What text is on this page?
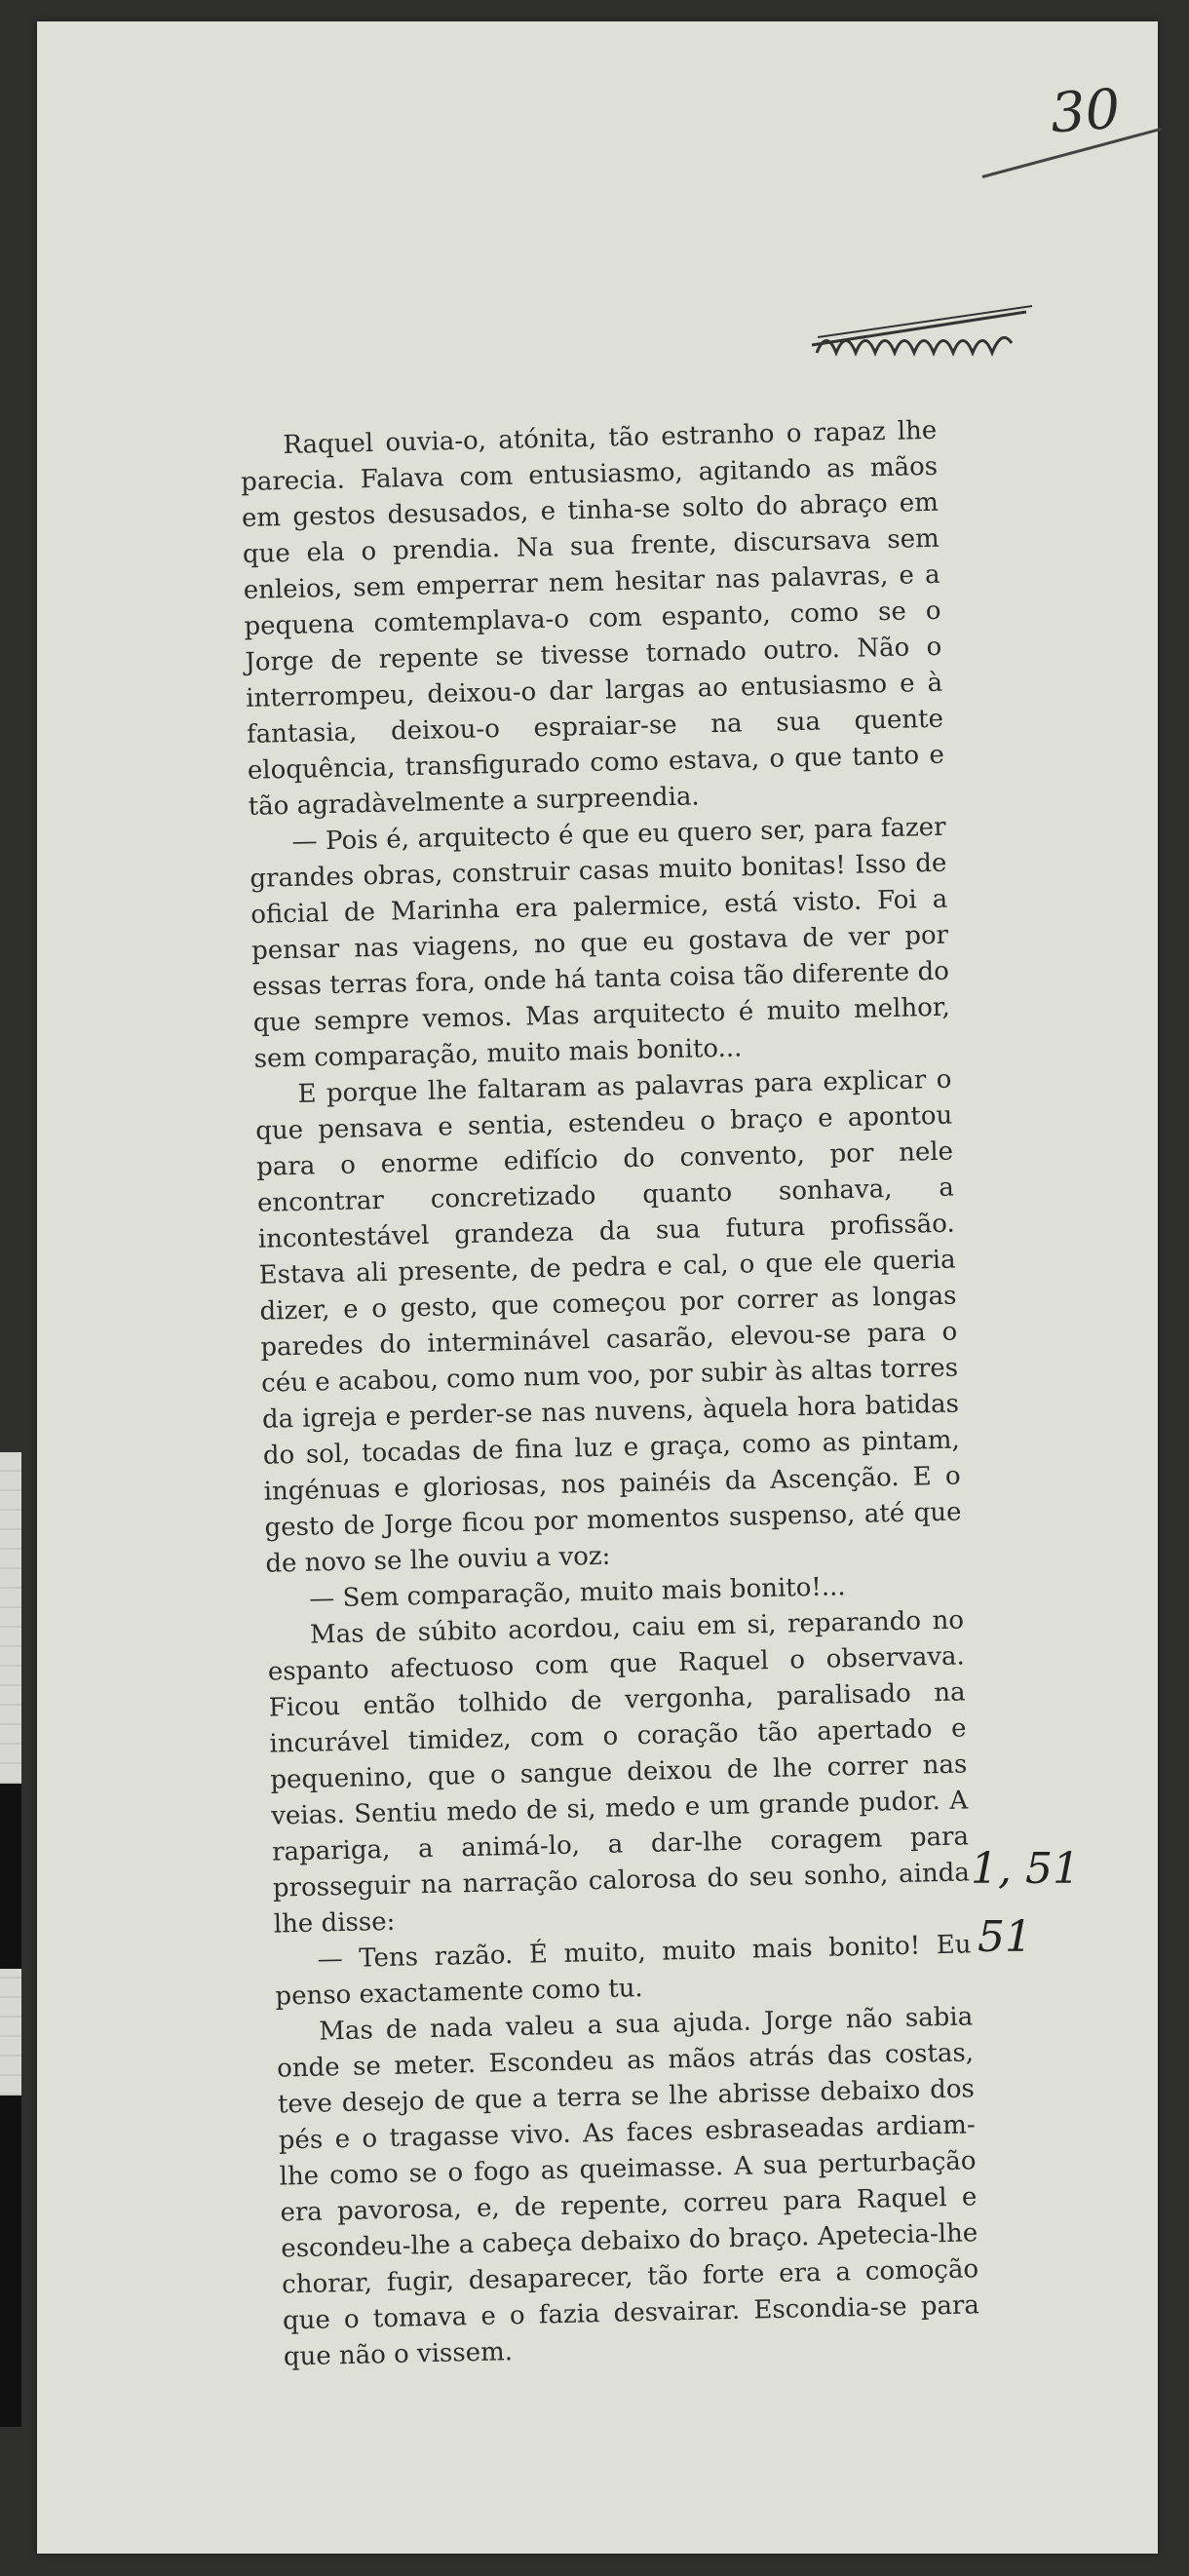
30

Raquel ouvia-o, atónita, tão estranho o rapaz lhe parecia. Falava com entusiasmo, agitando as mãos em gestos desusados, e tinha-se solto do abraço em que ela o prendia. Na sua frente, discursava sem enleios, sem emperrar nem hesitar nas palavras, e a pequena comtemplava-o com espanto, como se o Jorge de repente se tivesse tornado outro. Não o interrompeu, deixou-o dar largas ao entusiasmo e à fantasia, deixou-o espraiar-se na sua quente eloquência, transfigurado como estava, o que tanto e tão agradàvelmente a surpreendia.

— Pois é, arquitecto é que eu quero ser, para fazer grandes obras, construir casas muito bonitas! Isso de oficial de Marinha era palermice, está visto. Foi a pensar nas viagens, no que eu gostava de ver por essas terras fora, onde há tanta coisa tão diferente do que sempre vemos. Mas arquitecto é muito melhor, sem comparação, muito mais bonito...

E porque lhe faltaram as palavras para explicar o que pensava e sentia, estendeu o braço e apontou para o enorme edifício do convento, por nele encontrar concretizado quanto sonhava, a incontestável grandeza da sua futura profissão. Estava ali presente, de pedra e cal, o que ele queria dizer, e o gesto, que começou por correr as longas paredes do interminável casarão, elevou-se para o céu e acabou, como num voo, por subir às altas torres da igreja e perder-se nas nuvens, àquela hora batidas do sol, tocadas de fina luz e graça, como as pintam, ingénuas e gloriosas, nos painéis da Ascenção. E o gesto de Jorge ficou por momentos suspenso, até que de novo se lhe ouviu a voz:

— Sem comparação, muito mais bonito!...

Mas de súbito acordou, caiu em si, reparando no espanto afectuoso com que Raquel o observava. Ficou então tolhido de vergonha, paralisado na incurável timidez, com o coração tão apertado e pequenino, que o sangue deixou de lhe correr nas veias. Sentiu medo de si, medo e um grande pudor. A rapariga, a animá-lo, a dar-lhe coragem para prosseguir na narração calorosa do seu sonho, ainda lhe disse:

— Tens razão. É muito, muito mais bonito! Eu penso exactamente como tu.

Mas de nada valeu a sua ajuda. Jorge não sabia onde se meter. Escondeu as mãos atrás das costas, teve desejo de que a terra se lhe abrisse debaixo dos pés e o tragasse vivo. As faces esbraseadas ardiam-lhe como se o fogo as queimasse. A sua perturbação era pavorosa, e, de repente, correu para Raquel e escondeu-lhe a cabeça debaixo do braço. Apetecia-lhe chorar, fugir, desaparecer, tão forte era a comoção que o tomava e o fazia desvairar. Escondia-se para que não o vissem.

1, 51
51
